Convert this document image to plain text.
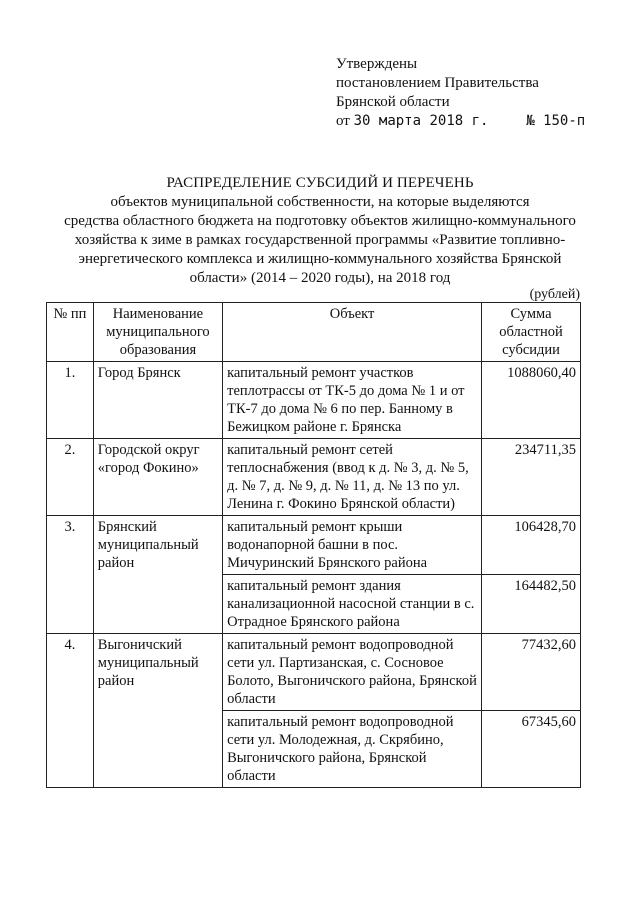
Утверждены
постановлением Правительства
Брянской области
от 30 марта 2018 г.	№ 150-п
РАСПРЕДЕЛЕНИЕ СУБСИДИЙ И ПЕРЕЧЕНЬ
объектов муниципальной собственности, на которые выделяются
средства областного бюджета на подготовку объектов жилищно-коммунального
хозяйства к зиме в рамках государственной программы «Развитие топливно-
энергетического комплекса и жилищно-коммунального хозяйства Брянской
области» (2014 – 2020 годы), на 2018 год
(рублей)
№ пп	Наименование муниципального образования	Объект	Сумма областной субсидии
1.	Город Брянск	капитальный ремонт участков теплотрассы от ТК-5 до дома № 1 и от ТК-7 до дома № 6 по пер. Банному в Бежицком районе г. Брянска	1088060,40
2.	Городской округ «город Фокино»	капитальный ремонт сетей теплоснабжения (ввод к д. № 3, д. № 5, д. № 7, д. № 9, д. № 11, д. № 13 по ул. Ленина г. Фокино Брянской области)	234711,35
3.	Брянский муниципальный район	капитальный ремонт крыши водонапорной башни в пос. Мичуринский Брянского района	106428,70
		капитальный ремонт здания канализационной насосной станции в с. Отрадное Брянского района	164482,50
4.	Выгоничский муниципальный район	капитальный ремонт водопроводной сети ул. Партизанская, с. Сосновое Болото, Выгоничского района, Брянской области	77432,60
		капитальный ремонт водопроводной сети ул. Молодежная, д. Скрябино, Выгоничского района, Брянской области	67345,60
